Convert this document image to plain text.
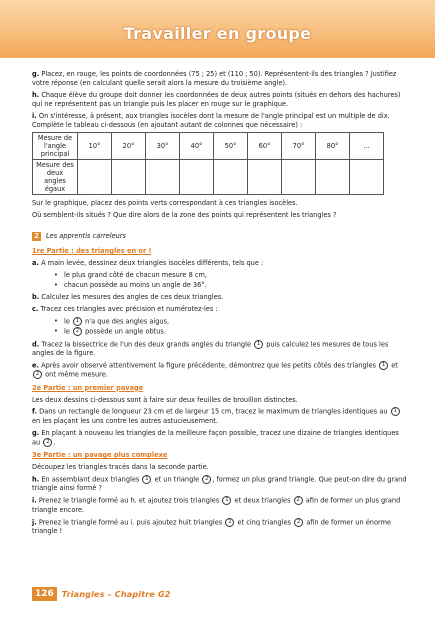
Travailler en groupe

g. Placez, en rouge, les points de coordonnées (75 ; 25) et (110 ; 50). Représentent-ils des triangles ? Justifiez votre réponse (en calculant quelle serait alors la mesure du troisième angle).

h. Chaque élève du groupe doit donner les coordonnées de deux autres points (situés en dehors des hachures) qui ne représentent pas un triangle puis les placer en rouge sur le graphique.

i. On s'intéresse, à présent, aux triangles isocèles dont la mesure de l'angle principal est un multiple de dix. Complète le tableau ci-dessous (en ajoutant autant de colonnes que nécessaire) :

Mesure de l'angle principal	10°	20°	30°	40°	50°	60°	70°	80°	...
Mesure des deux angles égaux									

Sur le graphique, placez des points verts correspondant à ces triangles isocèles.

Où semblent-ils situés ? Que dire alors de la zone des points qui représentent les triangles ?

2	Les apprentis carreleurs
1re Partie : des triangles en or !

a. À main levée, dessinez deux triangles isocèles différents, tels que :

• le plus grand côté de chacun mesure 8 cm,
• chacun possède au moins un angle de 36°.

b. Calculez les mesures des angles de ces deux triangles.

c. Tracez ces triangles avec précision et numérotez-les :

• le 1 n'a que des angles aigus,
• le 2 possède un angle obtus.

d. Tracez la bissectrice de l'un des deux grands angles du triangle 1 puis calculez les mesures de tous les angles de la figure.

e. Après avoir observé attentivement la figure précédente, démontrez que les petits côtés des triangles 1 et 2 ont même mesure.

2e Partie : un premier pavage

Les deux dessins ci-dessous sont à faire sur deux feuilles de brouillon distinctes.

f. Dans un rectangle de longueur 23 cm et de largeur 15 cm, tracez le maximum de triangles identiques au 1 en les plaçant les uns contre les autres astucieusement.

g. En plaçant à nouveau les triangles de la meilleure façon possible, tracez une dizaine de triangles identiques au 2 .

3e Partie : un pavage plus complexe

Découpez les triangles tracés dans la seconde partie.

h. En assemblant deux triangles 1 et un triangle 2 , formez un plus grand triangle. Que peut-on dire du grand triangle ainsi formé ?

i. Prenez le triangle formé au h. et ajoutez trois triangles 1 et deux triangles 2 afin de former un plus grand triangle encore.

j. Prenez le triangle formé au i. puis ajoutez huit triangles 1 et cinq triangles 2 afin de former un énorme triangle !

126	Triangles – Chapitre G2
